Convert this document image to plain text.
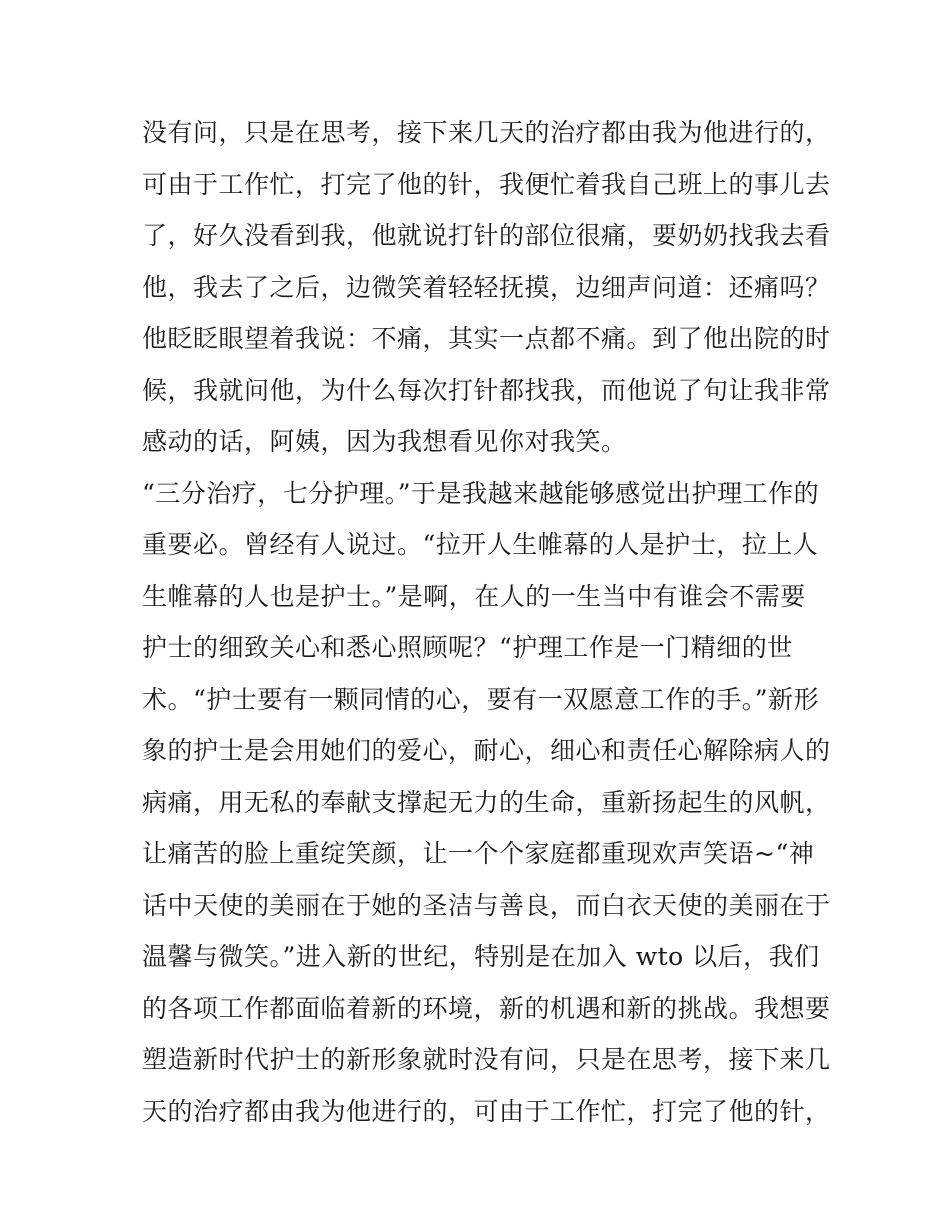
没有问，只是在思考，接下来几天的治疗都由我为他进行的，
可由于工作忙，打完了他的针，我便忙着我自己班上的事儿去
了，好久没看到我，他就说打针的部位很痛，要奶奶找我去看
他，我去了之后，边微笑着轻轻抚摸，边细声问道：还痛吗？
他眨眨眼望着我说：不痛，其实一点都不痛。到了他出院的时
候，我就问他，为什么每次打针都找我，而他说了句让我非常
感动的话，阿姨，因为我想看见你对我笑。
“三分治疗，七分护理。”于是我越来越能够感觉出护理工作的
重要必。曾经有人说过。“拉开人生帷幕的人是护士，拉上人
生帷幕的人也是护士。”是啊，在人的一生当中有谁会不需要
护士的细致关心和悉心照顾呢？“护理工作是一门精细的世
术。“护士要有一颗同情的心，要有一双愿意工作的手。”新形
象的护士是会用她们的爱心，耐心，细心和责任心解除病人的
病痛，用无私的奉献支撑起无力的生命，重新扬起生的风帆，
让痛苦的脸上重绽笑颜，让一个个家庭都重现欢声笑语~“神
话中天使的美丽在于她的圣洁与善良，而白衣天使的美丽在于
温馨与微笑。”进入新的世纪，特别是在加入 wto 以后，我们
的各项工作都面临着新的环境，新的机遇和新的挑战。我想要
塑造新时代护士的新形象就时没有问，只是在思考，接下来几
天的治疗都由我为他进行的，可由于工作忙，打完了他的针，
